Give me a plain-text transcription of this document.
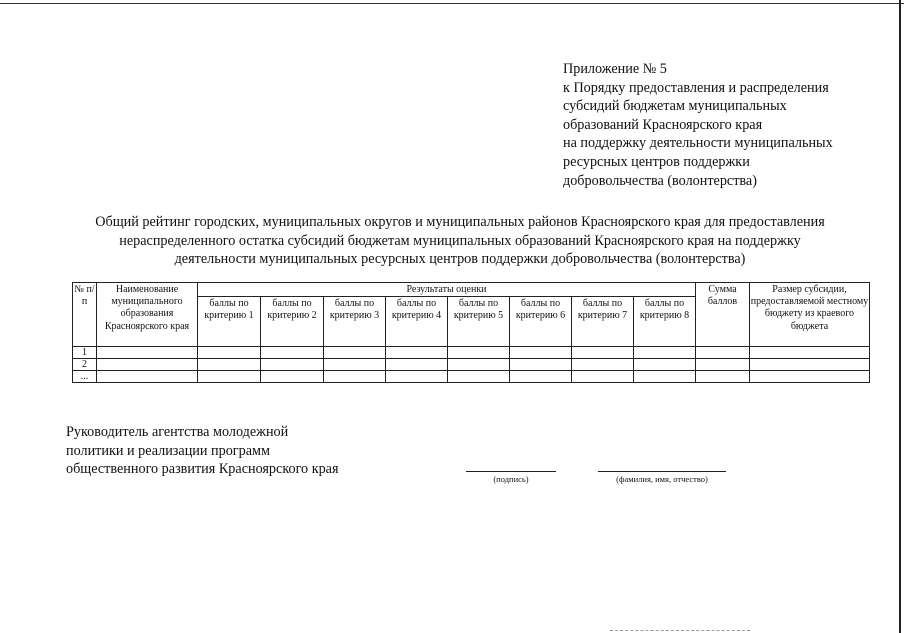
Приложение № 5
к Порядку предоставления и распределения
субсидий бюджетам муниципальных
образований Красноярского края
на поддержку деятельности муниципальных
ресурсных центров поддержки
добровольчества (волонтерства)
Общий рейтинг городских, муниципальных округов и муниципальных районов Красноярского края для предоставления
нераспределенного остатка субсидий бюджетам муниципальных образований Красноярского края на поддержку
деятельности муниципальных ресурсных центров поддержки добровольчества (волонтерства)
№ п/п	Наименование муниципального образования Красноярского края	Результаты оценки								Сумма баллов	Размер субсидии, предоставляемой местному бюджету из краевого бюджета

		баллы по критерию 1	баллы по критерию 2	баллы по критерию 3	баллы по критерию 4	баллы по критерию 5	баллы по критерию 6	баллы по критерию 7	баллы по критерию 8		

1											
2											
...											
Руководитель агентства молодежной
политики и реализации программ
общественного развития Красноярского края
(подпись)	(фамилия, имя, отчество)
